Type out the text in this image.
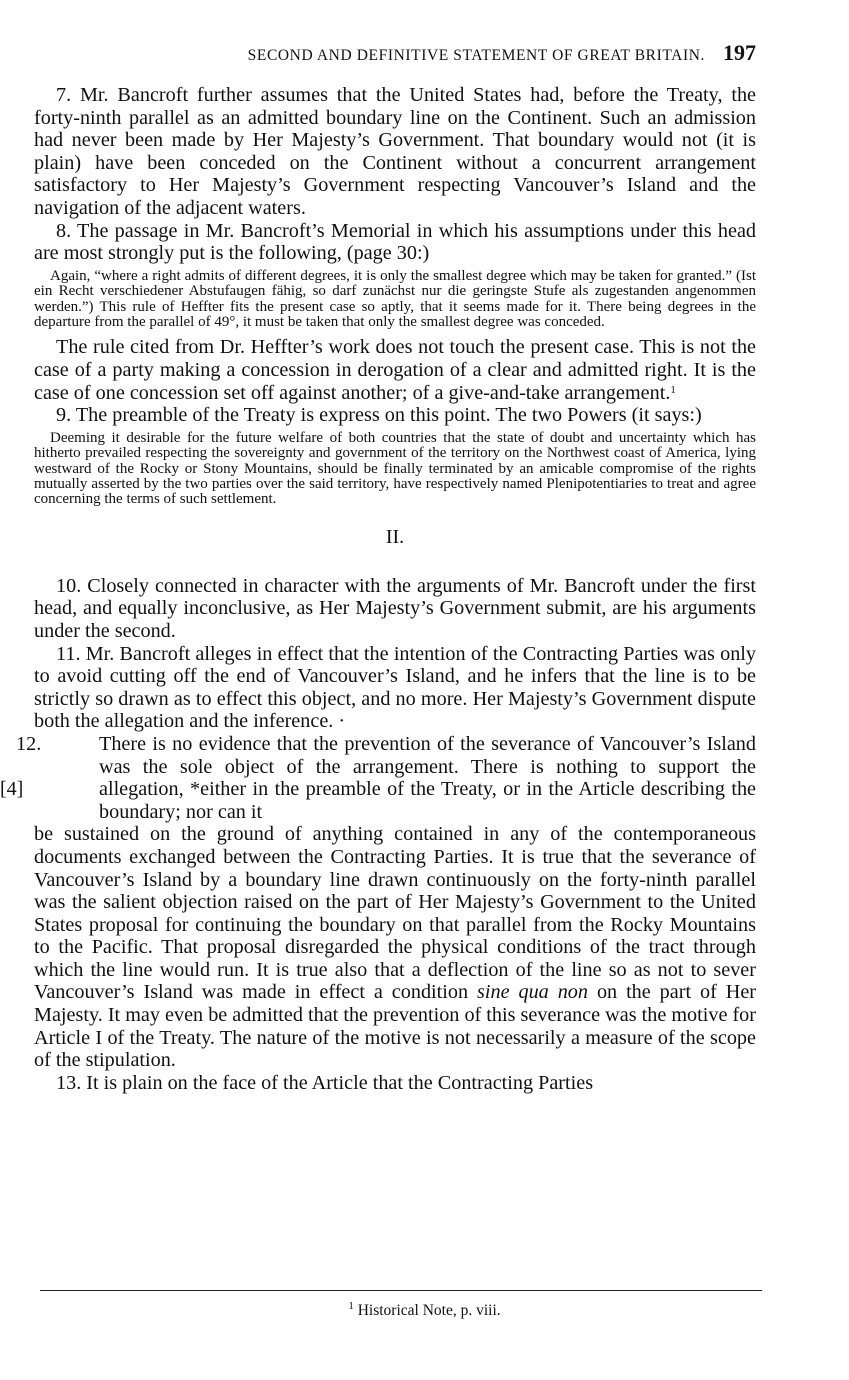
SECOND AND DEFINITIVE STATEMENT OF GREAT BRITAIN. 197

7. Mr. Bancroft further assumes that the United States had, before the Treaty, the forty-ninth parallel as an admitted boundary line on the Continent. Such an admission had never been made by Her Majesty’s Government. That boundary would not (it is plain) have been conceded on the Continent without a concurrent arrangement satisfactory to Her Majesty’s Government respecting Vancouver’s Island and the navigation of the adjacent waters.

8. The passage in Mr. Bancroft’s Memorial in which his assumptions under this head are most strongly put is the following, (page 30:)

Again, “where a right admits of different degrees, it is only the smallest degree which may be taken for granted.” (Ist ein Recht verschiedener Abstufaugen fähig, so darf zunächst nur die geringste Stufe als zugestanden angenommen werden.”) This rule of Heffter fits the present case so aptly, that it seems made for it. There being degrees in the departure from the parallel of 49°, it must be taken that only the smallest degree was conceded.

The rule cited from Dr. Heffter’s work does not touch the present case. This is not the case of a party making a concession in derogation of a clear and admitted right. It is the case of one concession set off against another; of a give-and-take arrangement.$^1$

9. The preamble of the Treaty is express on this point. The two Powers (it says:)

Deeming it desirable for the future welfare of both countries that the state of doubt and uncertainty which has hitherto prevailed respecting the sovereignty and government of the territory on the Northwest coast of America, lying westward of the Rocky or Stony Mountains, should be finally terminated by an amicable compromise of the rights mutually asserted by the two parties over the said territory, have respectively named Plenipotentiaries to treat and agree concerning the terms of such settlement.

II.

10. Closely connected in character with the arguments of Mr. Bancroft under the first head, and equally inconclusive, as Her Majesty’s Government submit, are his arguments under the second.

11. Mr. Bancroft alleges in effect that the intention of the Contracting Parties was only to avoid cutting off the end of Vancouver’s Island, and he infers that the line is to be strictly so drawn as to effect this object, and no more. Her Majesty’s Government dispute both the allegation and the inference. ·

12.
[4]

There is no evidence that the prevention of the severance of Vancouver’s Island was the sole object of the arrangement. There is nothing to support the allegation, *either in the preamble of the Treaty, or in the Article describing the boundary; nor can it

be sustained on the ground of anything contained in any of the contemporaneous documents exchanged between the Contracting Parties. It is true that the severance of Vancouver’s Island by a boundary line drawn continuously on the forty-ninth parallel was the salient objection raised on the part of Her Majesty’s Government to the United States proposal for continuing the boundary on that parallel from the Rocky Mountains to the Pacific. That proposal disregarded the physical conditions of the tract through which the line would run. It is true also that a deflection of the line so as not to sever Vancouver’s Island was made in effect a condition sine qua non on the part of Her Majesty. It may even be admitted that the prevention of this severance was the motive for Article I of the Treaty. The nature of the motive is not necessarily a measure of the scope of the stipulation.

13. It is plain on the face of the Article that the Contracting Parties

$^1$ Historical Note, p. viii.
